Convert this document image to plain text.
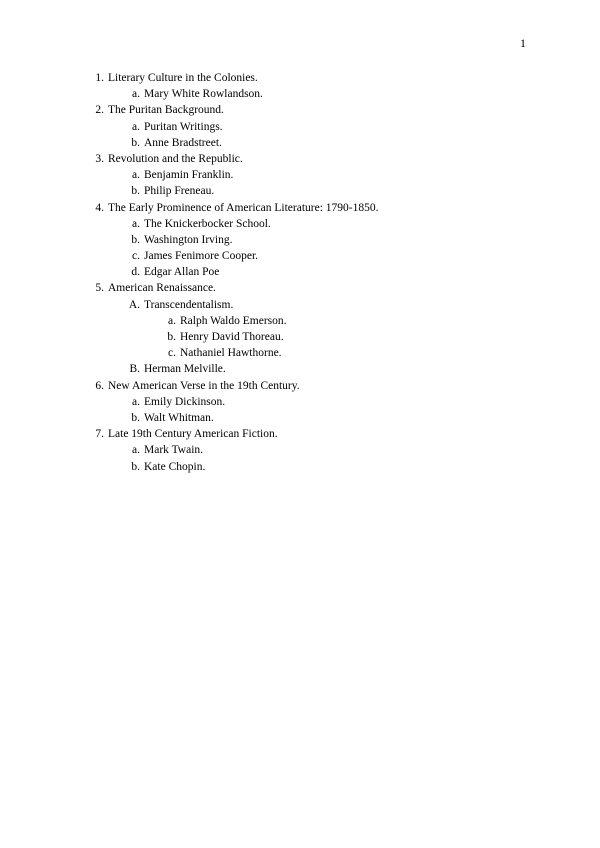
1
1. Literary Culture in the Colonies.
a. Mary White Rowlandson.
2. The Puritan Background.
a. Puritan Writings.
b. Anne Bradstreet.
3. Revolution and the Republic.
a. Benjamin Franklin.
b. Philip Freneau.
4. The Early Prominence of American Literature: 1790-1850.
a. The Knickerbocker School.
b. Washington Irving.
c. James Fenimore Cooper.
d. Edgar Allan Poe
5. American Renaissance.
A. Transcendentalism.
a. Ralph Waldo Emerson.
b. Henry David Thoreau.
c. Nathaniel Hawthorne.
B. Herman Melville.
6. New American Verse in the 19th Century.
a. Emily Dickinson.
b. Walt Whitman.
7. Late 19th Century American Fiction.
a. Mark Twain.
b. Kate Chopin.
